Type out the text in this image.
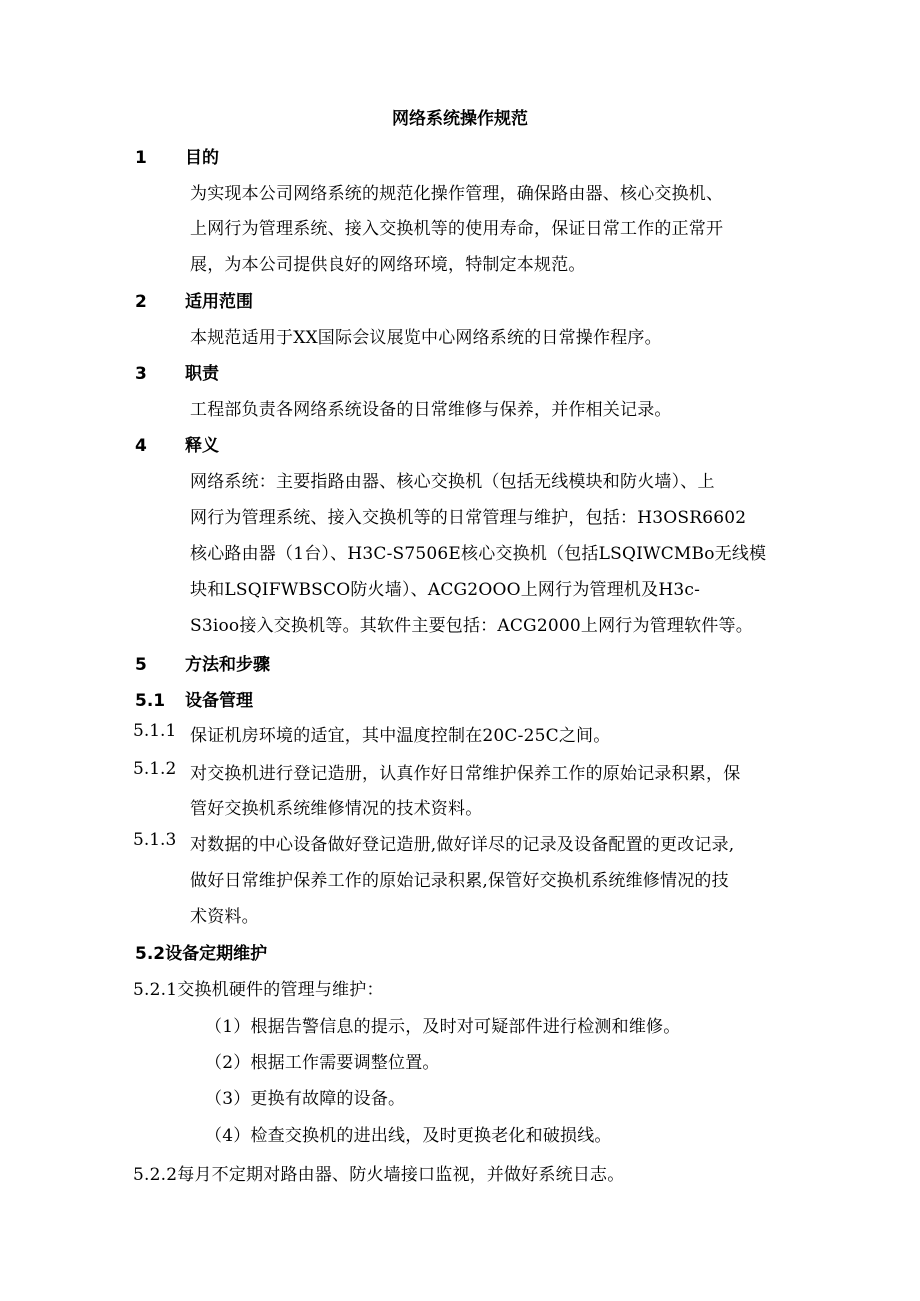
网络系统操作规范
1 目的
为实现本公司网络系统的规范化操作管理，确保路由器、核心交换机、
上网行为管理系统、接入交换机等的使用寿命，保证日常工作的正常开
展，为本公司提供良好的网络环境，特制定本规范。
2 适用范围
本规范适用于XX国际会议展览中心网络系统的日常操作程序。
3 职责
工程部负责各网络系统设备的日常维修与保养，并作相关记录。
4 释义
网络系统：主要指路由器、核心交换机（包括无线模块和防火墙）、上
网行为管理系统、接入交换机等的日常管理与维护，包括：H3OSR6602
核心路由器（1台）、H3C-S7506E核心交换机（包括LSQIWCMBo无线模
块和LSQIFWBSCO防火墙）、ACG2OOO上网行为管理机及H3c-
S3ioo接入交换机等。其软件主要包括：ACG2000上网行为管理软件等。
5 方法和步骤
5.1 设备管理
5.1.1 保证机房环境的适宜，其中温度控制在20C-25C之间。
5.1.2 对交换机进行登记造册，认真作好日常维护保养工作的原始记录积累，保
管好交换机系统维修情况的技术资料。
5.1.3 对数据的中心设备做好登记造册,做好详尽的记录及设备配置的更改记录,
做好日常维护保养工作的原始记录积累,保管好交换机系统维修情况的技
术资料。
5.2设备定期维护
5.2.1交换机硬件的管理与维护：
（1）根据告警信息的提示，及时对可疑部件进行检测和维修。
（2）根据工作需要调整位置。
（3）更换有故障的设备。
（4）检查交换机的进出线，及时更换老化和破损线。
5.2.2每月不定期对路由器、防火墙接口监视，并做好系统日志。
